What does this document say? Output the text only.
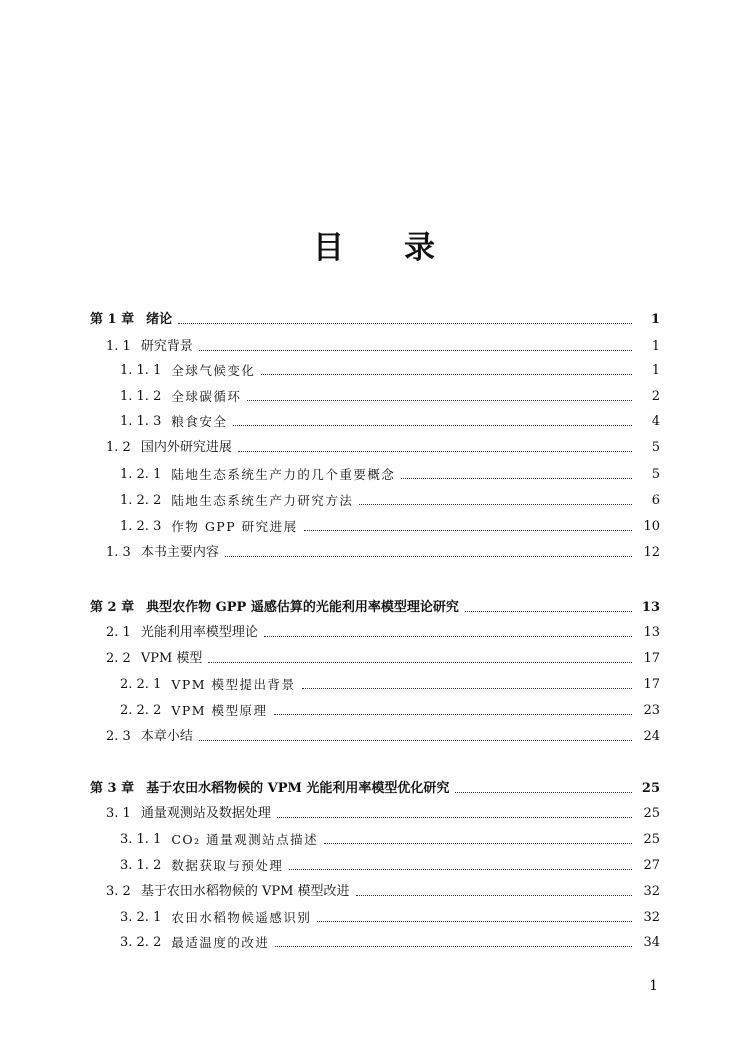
目 录
第 1 章 绪论	1
1. 1 研究背景	1
1. 1. 1 全球气候变化	1
1. 1. 2 全球碳循环	2
1. 1. 3 粮食安全	4
1. 2 国内外研究进展	5
1. 2. 1 陆地生态系统生产力的几个重要概念	5
1. 2. 2 陆地生态系统生产力研究方法	6
1. 2. 3 作物 GPP 研究进展	10
1. 3 本书主要内容	12
第 2 章 典型农作物 GPP 遥感估算的光能利用率模型理论研究	13
2. 1 光能利用率模型理论	13
2. 2 VPM 模型	17
2. 2. 1 VPM 模型提出背景	17
2. 2. 2 VPM 模型原理	23
2. 3 本章小结	24
第 3 章 基于农田水稻物候的 VPM 光能利用率模型优化研究	25
3. 1 通量观测站及数据处理	25
3. 1. 1 CO₂ 通量观测站点描述	25
3. 1. 2 数据获取与预处理	27
3. 2 基于农田水稻物候的 VPM 模型改进	32
3. 2. 1 农田水稻物候遥感识别	32
3. 2. 2 最适温度的改进	34
1
